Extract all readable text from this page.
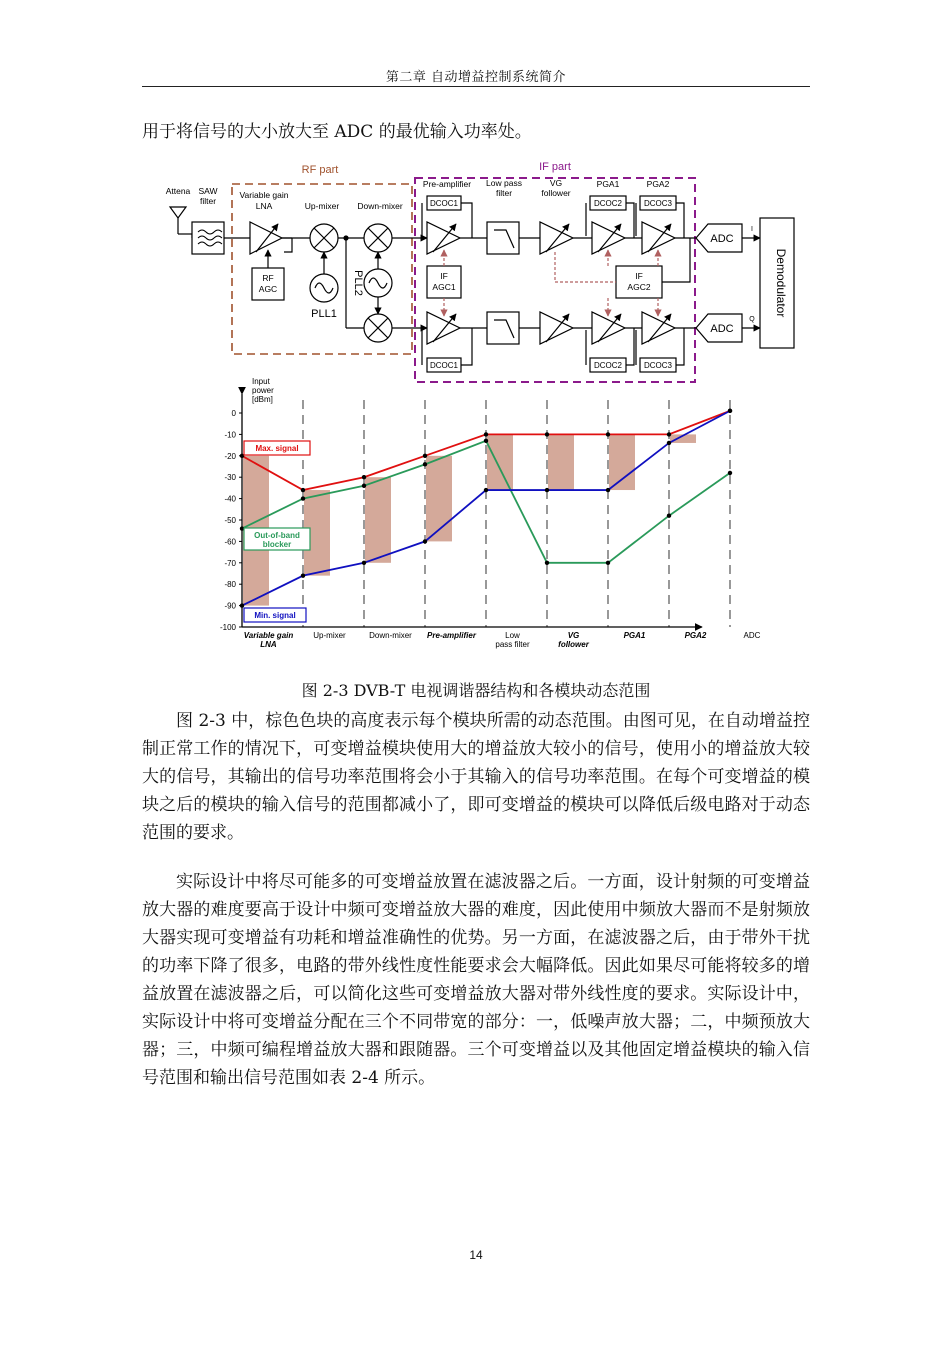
第二章 自动增益控制系统简介
用于将信号的大小放大至 ADC 的最优输入功率处。
RF part	IF part
Attena SAW
filter
Variable gain
LNA	Up-mixer Down-mixer
Pre-amplifier Low pass
filter
VG
follower
PGA1	PGA2
DCOC1
DCOC1
DCOC2	DCOC3
DCOC2	DCOC3
RF
AGC
IF
AGC1
IF
AGC2
PLL1
PLL2
ADC
ADC
I
Q
Demodulator
0
-10
-20
-30
-40
-50
-60
-70
-80
-90
-100
Input
power
[dBm]
Variable gain
LNA
Up-mixer	Down-mixer Pre-amplifier	Low
pass filter
VG
follower
PGA1	PGA2	ADC
Max. signal
Out-of-band
blocker
Min. signal
图 2-3 DVB-T 电视调谐器结构和各模块动态范围
图 2-3 中，棕色色块的高度表示每个模块所需的动态范围。由图可见，在自动增益控制正常工作的情况下，可变增益模块使用大的增益放大较小的信号，使用小的增益放大较大的信号，其输出的信号功率范围将会小于其输入的信号功率范围。在每个可变增益的模块之后的模块的输入信号的范围都减小了，即可变增益的模块可以降低后级电路对于动态范围的要求。
实际设计中将尽可能多的可变增益放置在滤波器之后。一方面，设计射频的可变增益放大器的难度要高于设计中频可变增益放大器的难度，因此使用中频放大器而不是射频放大器实现可变增益有功耗和增益准确性的优势。另一方面，在滤波器之后，由于带外干扰的功率下降了很多，电路的带外线性度性能要求会大幅降低。因此如果尽可能将较多的增益放置在滤波器之后，可以简化这些可变增益放大器对带外线性度的要求。实际设计中，实际设计中将可变增益分配在三个不同带宽的部分：一，低噪声放大器；二，中频预放大器；三，中频可编程增益放大器和跟随器。三个可变增益以及其他固定增益模块的输入信号范围和输出信号范围如表 2-4 所示。
14
